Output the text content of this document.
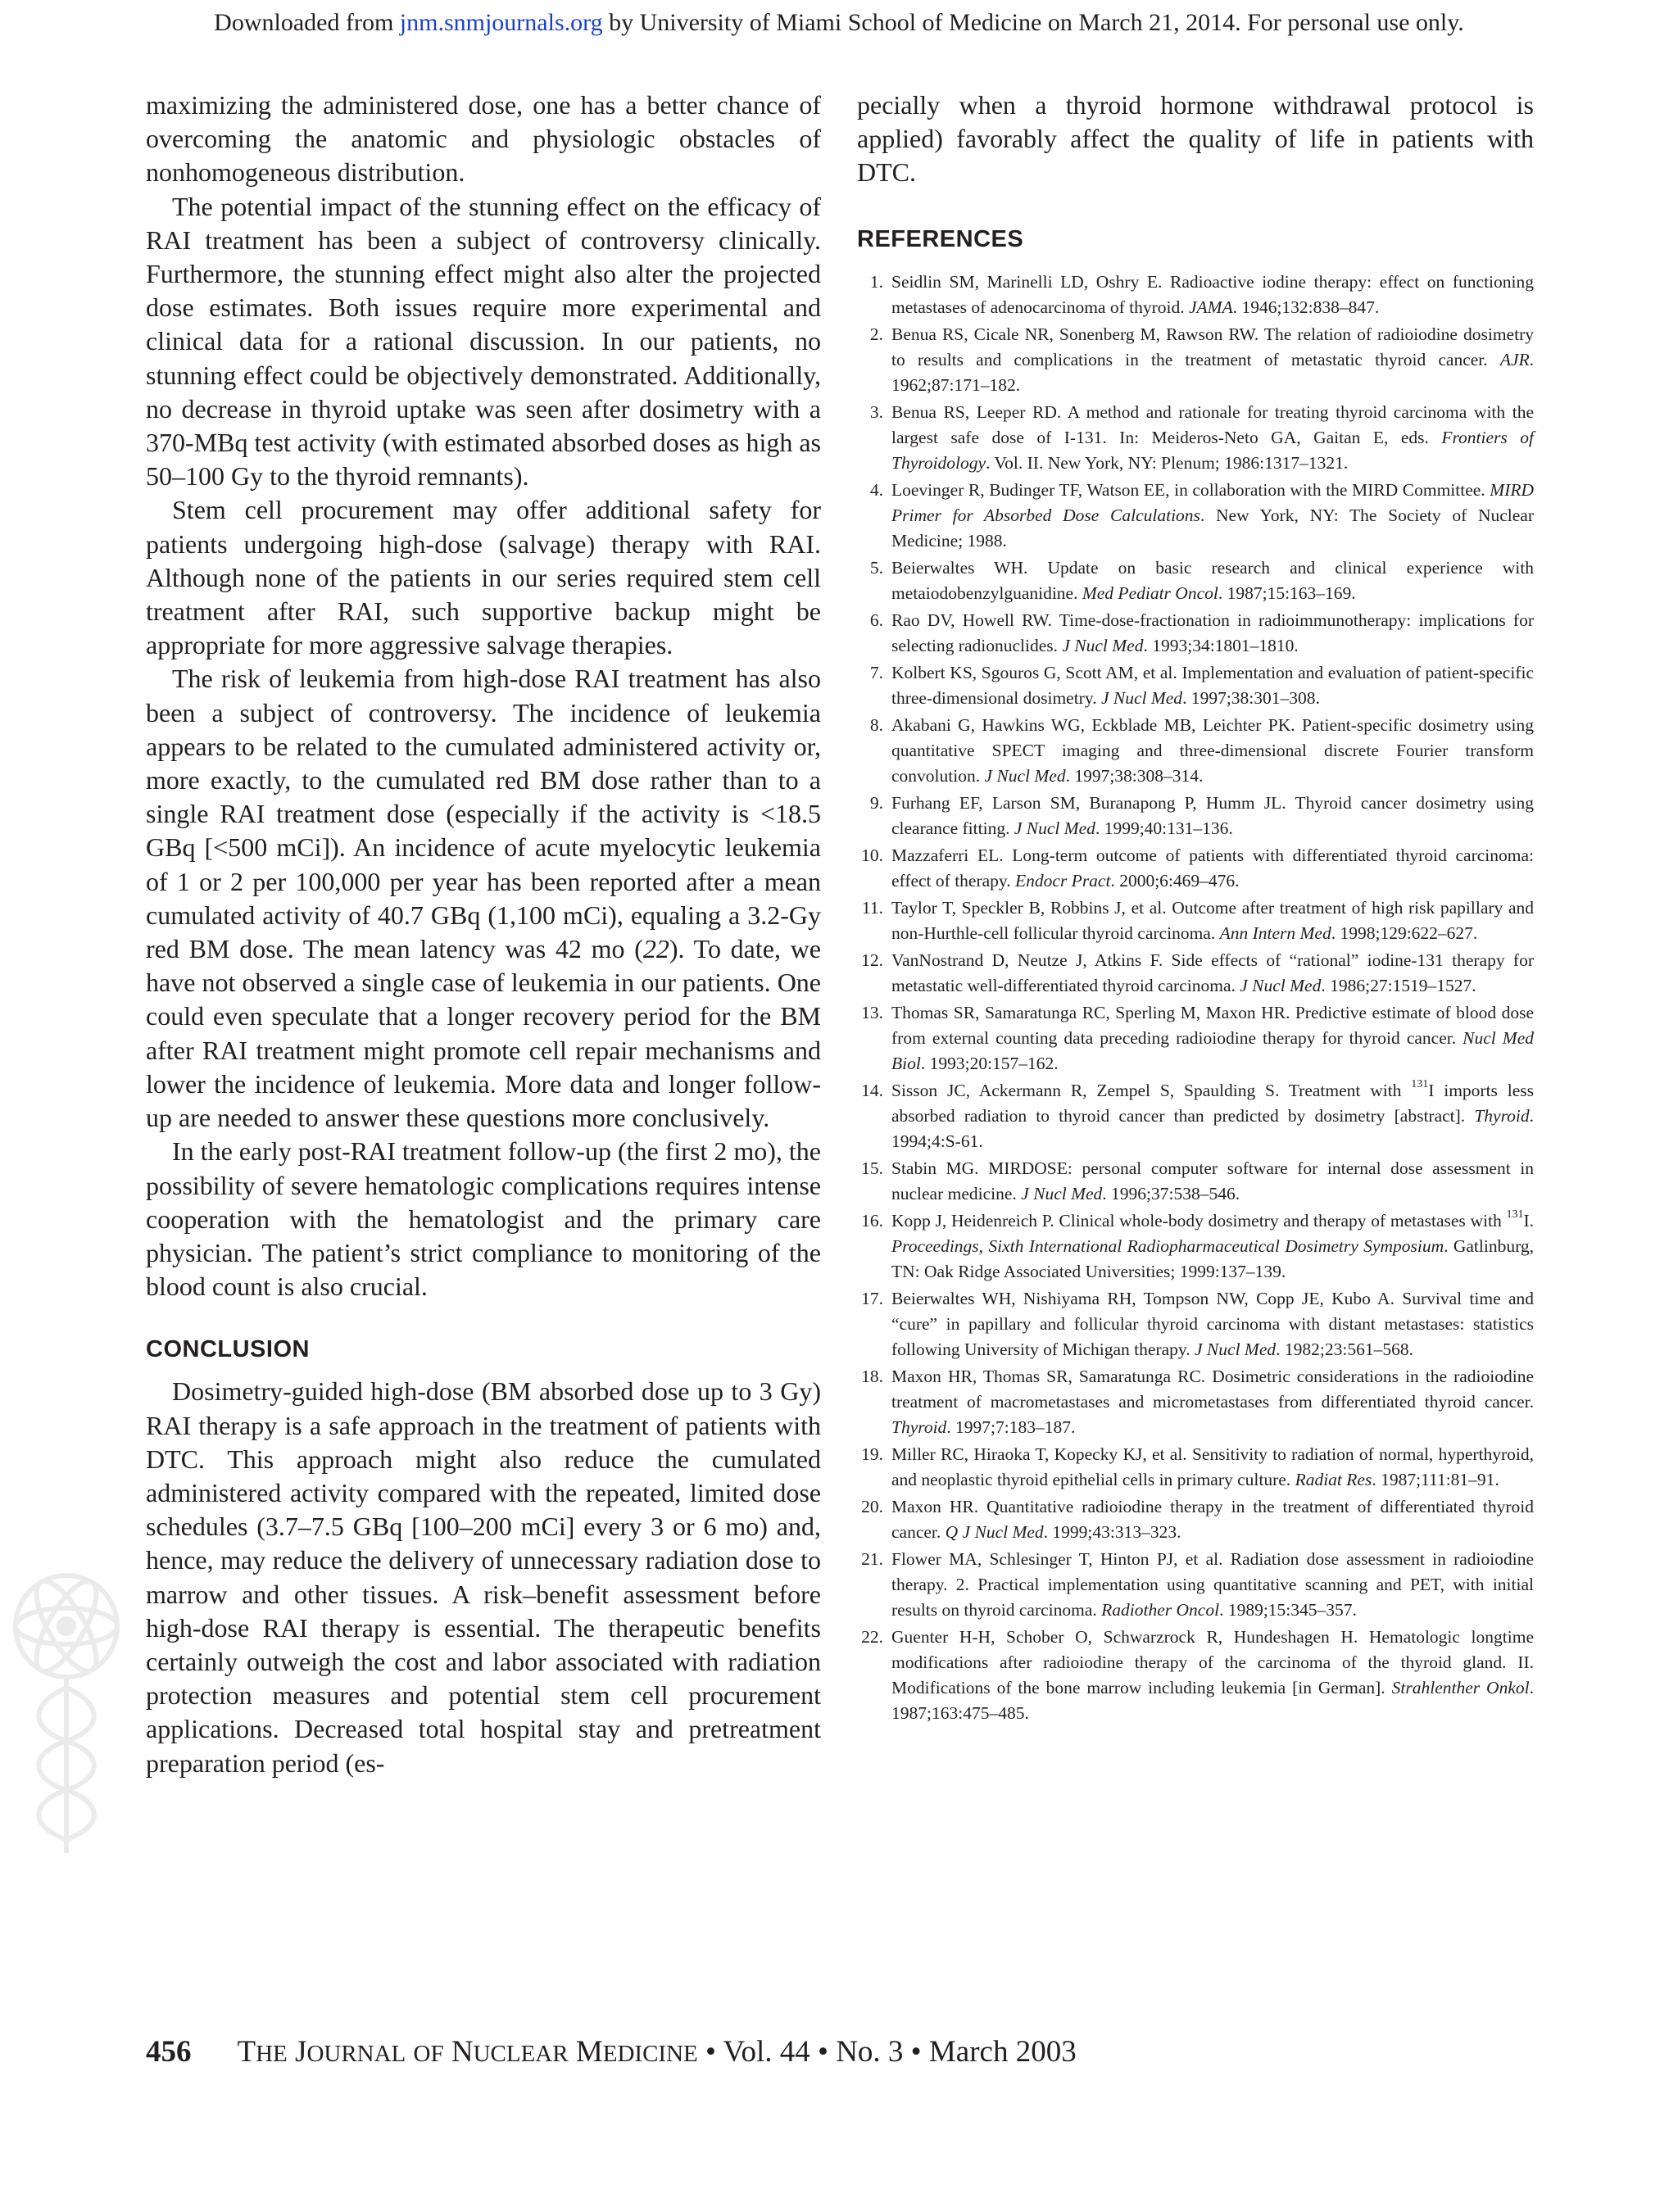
Downloaded from jnm.snmjournals.org by University of Miami School of Medicine on March 21, 2014. For personal use only.

maximizing the administered dose, one has a better chance of overcoming the anatomic and physiologic obstacles of nonhomogeneous distribution.

The potential impact of the stunning effect on the efficacy of RAI treatment has been a subject of controversy clinically. Furthermore, the stunning effect might also alter the projected dose estimates. Both issues require more experimental and clinical data for a rational discussion. In our patients, no stunning effect could be objectively demonstrated. Additionally, no decrease in thyroid uptake was seen after dosimetry with a 370-MBq test activity (with estimated absorbed doses as high as 50–100 Gy to the thyroid remnants).

Stem cell procurement may offer additional safety for patients undergoing high-dose (salvage) therapy with RAI. Although none of the patients in our series required stem cell treatment after RAI, such supportive backup might be appropriate for more aggressive salvage therapies.

The risk of leukemia from high-dose RAI treatment has also been a subject of controversy. The incidence of leukemia appears to be related to the cumulated administered activity or, more exactly, to the cumulated red BM dose rather than to a single RAI treatment dose (especially if the activity is <18.5 GBq [<500 mCi]). An incidence of acute myelocytic leukemia of 1 or 2 per 100,000 per year has been reported after a mean cumulated activity of 40.7 GBq (1,100 mCi), equaling a 3.2-Gy red BM dose. The mean latency was 42 mo (22). To date, we have not observed a single case of leukemia in our patients. One could even speculate that a longer recovery period for the BM after RAI treatment might promote cell repair mechanisms and lower the incidence of leukemia. More data and longer follow-up are needed to answer these questions more conclusively.

In the early post-RAI treatment follow-up (the first 2 mo), the possibility of severe hematologic complications requires intense cooperation with the hematologist and the primary care physician. The patient’s strict compliance to monitoring of the blood count is also crucial.

CONCLUSION

Dosimetry-guided high-dose (BM absorbed dose up to 3 Gy) RAI therapy is a safe approach in the treatment of patients with DTC. This approach might also reduce the cumulated administered activity compared with the repeated, limited dose schedules (3.7–7.5 GBq [100–200 mCi] every 3 or 6 mo) and, hence, may reduce the delivery of unnecessary radiation dose to marrow and other tissues. A risk–benefit assessment before high-dose RAI therapy is essential. The therapeutic benefits certainly outweigh the cost and labor associated with radiation protection measures and potential stem cell procurement applications. Decreased total hospital stay and pretreatment preparation period (es-

pecially when a thyroid hormone withdrawal protocol is applied) favorably affect the quality of life in patients with DTC.

REFERENCES
1. Seidlin SM, Marinelli LD, Oshry E. Radioactive iodine therapy: effect on functioning metastases of adenocarcinoma of thyroid. JAMA. 1946;132:838–847.
2. Benua RS, Cicale NR, Sonenberg M, Rawson RW. The relation of radioiodine dosimetry to results and complications in the treatment of metastatic thyroid cancer. AJR. 1962;87:171–182.
3. Benua RS, Leeper RD. A method and rationale for treating thyroid carcinoma with the largest safe dose of I-131. In: Meideros-Neto GA, Gaitan E, eds. Frontiers of Thyroidology. Vol. II. New York, NY: Plenum; 1986:1317–1321.
4. Loevinger R, Budinger TF, Watson EE, in collaboration with the MIRD Committee. MIRD Primer for Absorbed Dose Calculations. New York, NY: The Society of Nuclear Medicine; 1988.
5. Beierwaltes WH. Update on basic research and clinical experience with metaiodobenzylguanidine. Med Pediatr Oncol. 1987;15:163–169.
6. Rao DV, Howell RW. Time-dose-fractionation in radioimmunotherapy: implications for selecting radionuclides. J Nucl Med. 1993;34:1801–1810.
7. Kolbert KS, Sgouros G, Scott AM, et al. Implementation and evaluation of patient-specific three-dimensional dosimetry. J Nucl Med. 1997;38:301–308.
8. Akabani G, Hawkins WG, Eckblade MB, Leichter PK. Patient-specific dosimetry using quantitative SPECT imaging and three-dimensional discrete Fourier transform convolution. J Nucl Med. 1997;38:308–314.
9. Furhang EF, Larson SM, Buranapong P, Humm JL. Thyroid cancer dosimetry using clearance fitting. J Nucl Med. 1999;40:131–136.
10. Mazzaferri EL. Long-term outcome of patients with differentiated thyroid carcinoma: effect of therapy. Endocr Pract. 2000;6:469–476.
11. Taylor T, Speckler B, Robbins J, et al. Outcome after treatment of high risk papillary and non-Hurthle-cell follicular thyroid carcinoma. Ann Intern Med. 1998;129:622–627.
12. VanNostrand D, Neutze J, Atkins F. Side effects of “rational” iodine-131 therapy for metastatic well-differentiated thyroid carcinoma. J Nucl Med. 1986;27:1519–1527.
13. Thomas SR, Samaratunga RC, Sperling M, Maxon HR. Predictive estimate of blood dose from external counting data preceding radioiodine therapy for thyroid cancer. Nucl Med Biol. 1993;20:157–162.
14. Sisson JC, Ackermann R, Zempel S, Spaulding S. Treatment with $^{131}$I imports less absorbed radiation to thyroid cancer than predicted by dosimetry [abstract]. Thyroid. 1994;4:S-61.
15. Stabin MG. MIRDOSE: personal computer software for internal dose assessment in nuclear medicine. J Nucl Med. 1996;37:538–546.
16. Kopp J, Heidenreich P. Clinical whole-body dosimetry and therapy of metastases with $^{131}$I. Proceedings, Sixth International Radiopharmaceutical Dosimetry Symposium. Gatlinburg, TN: Oak Ridge Associated Universities; 1999:137–139.
17. Beierwaltes WH, Nishiyama RH, Tompson NW, Copp JE, Kubo A. Survival time and “cure” in papillary and follicular thyroid carcinoma with distant metastases: statistics following University of Michigan therapy. J Nucl Med. 1982;23:561–568.
18. Maxon HR, Thomas SR, Samaratunga RC. Dosimetric considerations in the radioiodine treatment of macrometastases and micrometastases from differentiated thyroid cancer. Thyroid. 1997;7:183–187.
19. Miller RC, Hiraoka T, Kopecky KJ, et al. Sensitivity to radiation of normal, hyperthyroid, and neoplastic thyroid epithelial cells in primary culture. Radiat Res. 1987;111:81–91.
20. Maxon HR. Quantitative radioiodine therapy in the treatment of differentiated thyroid cancer. Q J Nucl Med. 1999;43:313–323.
21. Flower MA, Schlesinger T, Hinton PJ, et al. Radiation dose assessment in radioiodine therapy. 2. Practical implementation using quantitative scanning and PET, with initial results on thyroid carcinoma. Radiother Oncol. 1989;15:345–357.
22. Guenter H-H, Schober O, Schwarzrock R, Hundeshagen H. Hematologic longtime modifications after radioiodine therapy of the carcinoma of the thyroid gland. II. Modifications of the bone marrow including leukemia [in German]. Strahlenther Onkol. 1987;163:475–485.
456 THE JOURNAL OF NUCLEAR MEDICINE • Vol. 44 • No. 3 • March 2003
